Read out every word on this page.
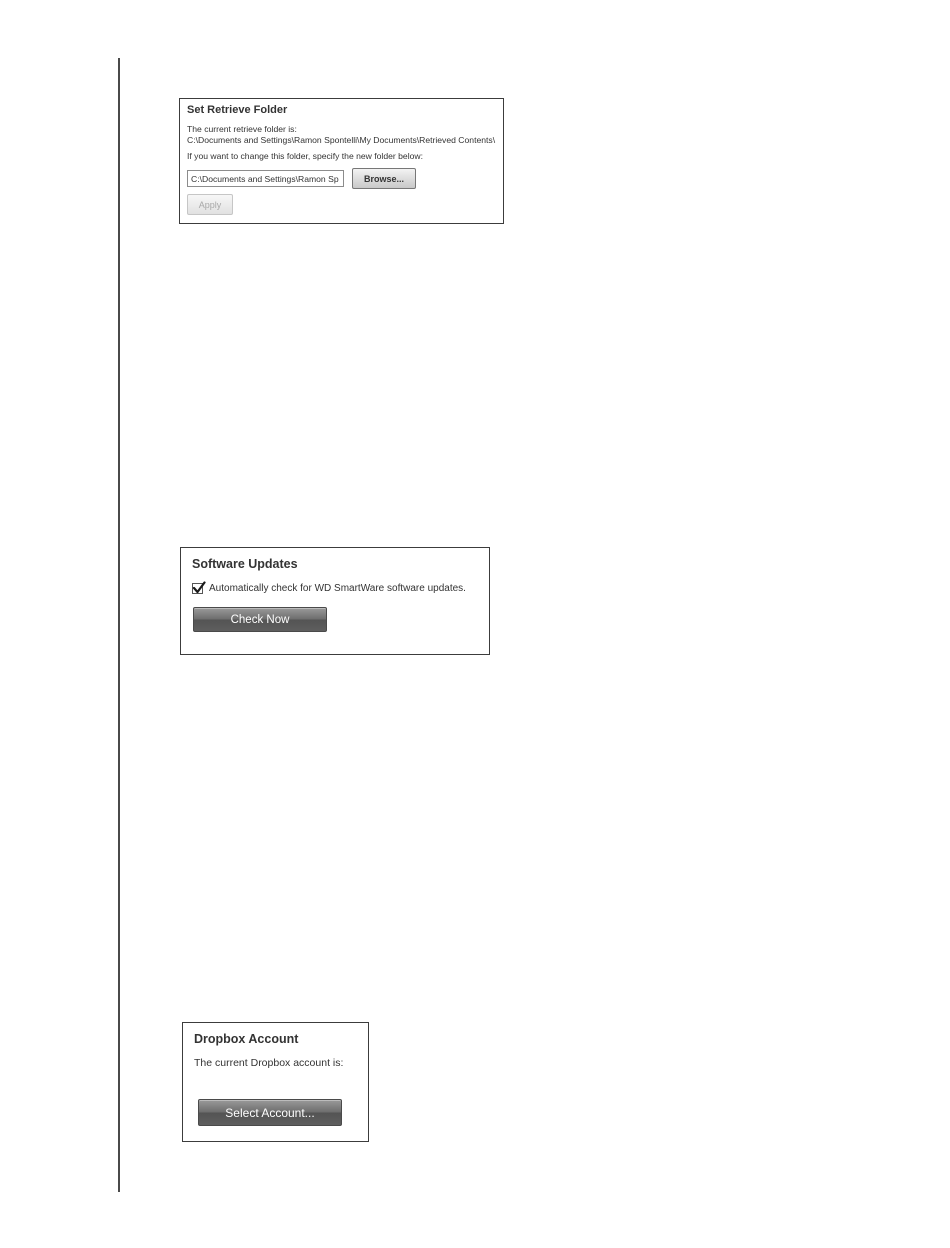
Set Retrieve Folder
The current retrieve folder is:
C:\Documents and Settings\Ramon Spontelli\My Documents\Retrieved Contents\
If you want to change this folder, specify the new folder below:
C:\Documents and Settings\Ramon Sp
Browse...
Apply
Software Updates
Automatically check for WD SmartWare software updates.
Check Now
Dropbox Account
The current Dropbox account is:
Select Account...
